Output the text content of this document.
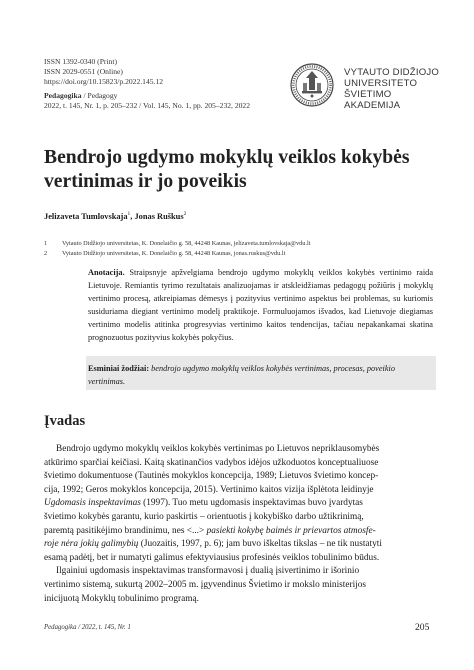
ISSN 1392-0340 (Print)
ISSN 2029-0551 (Online)
https://doi.org/10.15823/p.2022.145.12
Pedagogika / Pedagogy
2022, t. 145, Nr. 1, p. 205–232 / Vol. 145, No. 1, pp. 205–232, 2022
VYTAUTO DIDŽIOJO
UNIVERSITETO
ŠVIETIMO
AKADEMIJA
Bendrojo ugdymo mokyklų veiklos kokybės
vertinimas ir jo poveikis
Jelizaveta Tumlovskaja$^1$, Jonas Ruškus$^2$
1 Vytauto Didžiojo universitetas, K. Donelaičio g. 58, 44248 Kaunas, jelizaveta.tumlovskaja@vdu.lt
2 Vytauto Didžiojo universitetas, K. Donelaičio g. 58, 44248 Kaunas, jonas.ruskus@vdu.lt
Anotacija. Straipsnyje apžvelgiama bendrojo ugdymo mokyklų veiklos kokybės vertinimo raida Lietuvoje. Remiantis tyrimo rezultatais analizuojamas ir atskleidžiamas pedagogų požiūris į mokyklų vertinimo procesą, atkreipiamas dėmesys į pozityvius vertinimo aspektus bei problemas, su kuriomis susiduriama diegiant vertinimo modelį praktikoje. Formuluojamos išvados, kad Lietuvoje diegiamas vertinimo modelis atitinka progresyvias vertinimo kaitos tendencijas, tačiau nepakankamai skatina prognozuotus pozityvius kokybės pokyčius.
Esminiai žodžiai: bendrojo ugdymo mokyklų veiklos kokybės vertinimas, procesas, poveikio vertinimas.
Įvadas
Bendrojo ugdymo mokyklų veiklos kokybės vertinimas po Lietuvos nepriklausomybės
atkūrimo sparčiai keičiasi. Kaitą skatinančios vadybos idėjos užkoduotos konceptualiuose
švietimo dokumentuose (Tautinės mokyklos koncepcija, 1989; Lietuvos švietimo koncep-
cija, 1992; Geros mokyklos koncepcija, 2015). Vertinimo kaitos vizija išplėtota leidinyje
Ugdomasis inspektavimas (1997). Tuo metu ugdomasis inspektavimas buvo įvardytas
švietimo kokybės garantu, kurio paskirtis – orientuotis į kokybiško darbo užtikrinimą,
paremtą pasitikėjimo brandinimu, nes <...> pasiekti kokybę baimės ir prievartos atmosfe-
roje nėra jokių galimybių (Juozaitis, 1997, p. 6); jam buvo iškeltas tikslas – ne tik nustatyti
esamą padėtį, bet ir numatyti galimus efektyviausius profesinės veiklos tobulinimo būdus.
Ilgainiui ugdomasis inspektavimas transformavosi į dualią įsivertinimo ir išorinio
vertinimo sistemą, sukurtą 2002–2005 m. įgyvendinus Švietimo ir mokslo ministerijos
inicijuotą Mokyklų tobulinimo programą.
Pedagogika / 2022, t. 145, Nr. 1	205
